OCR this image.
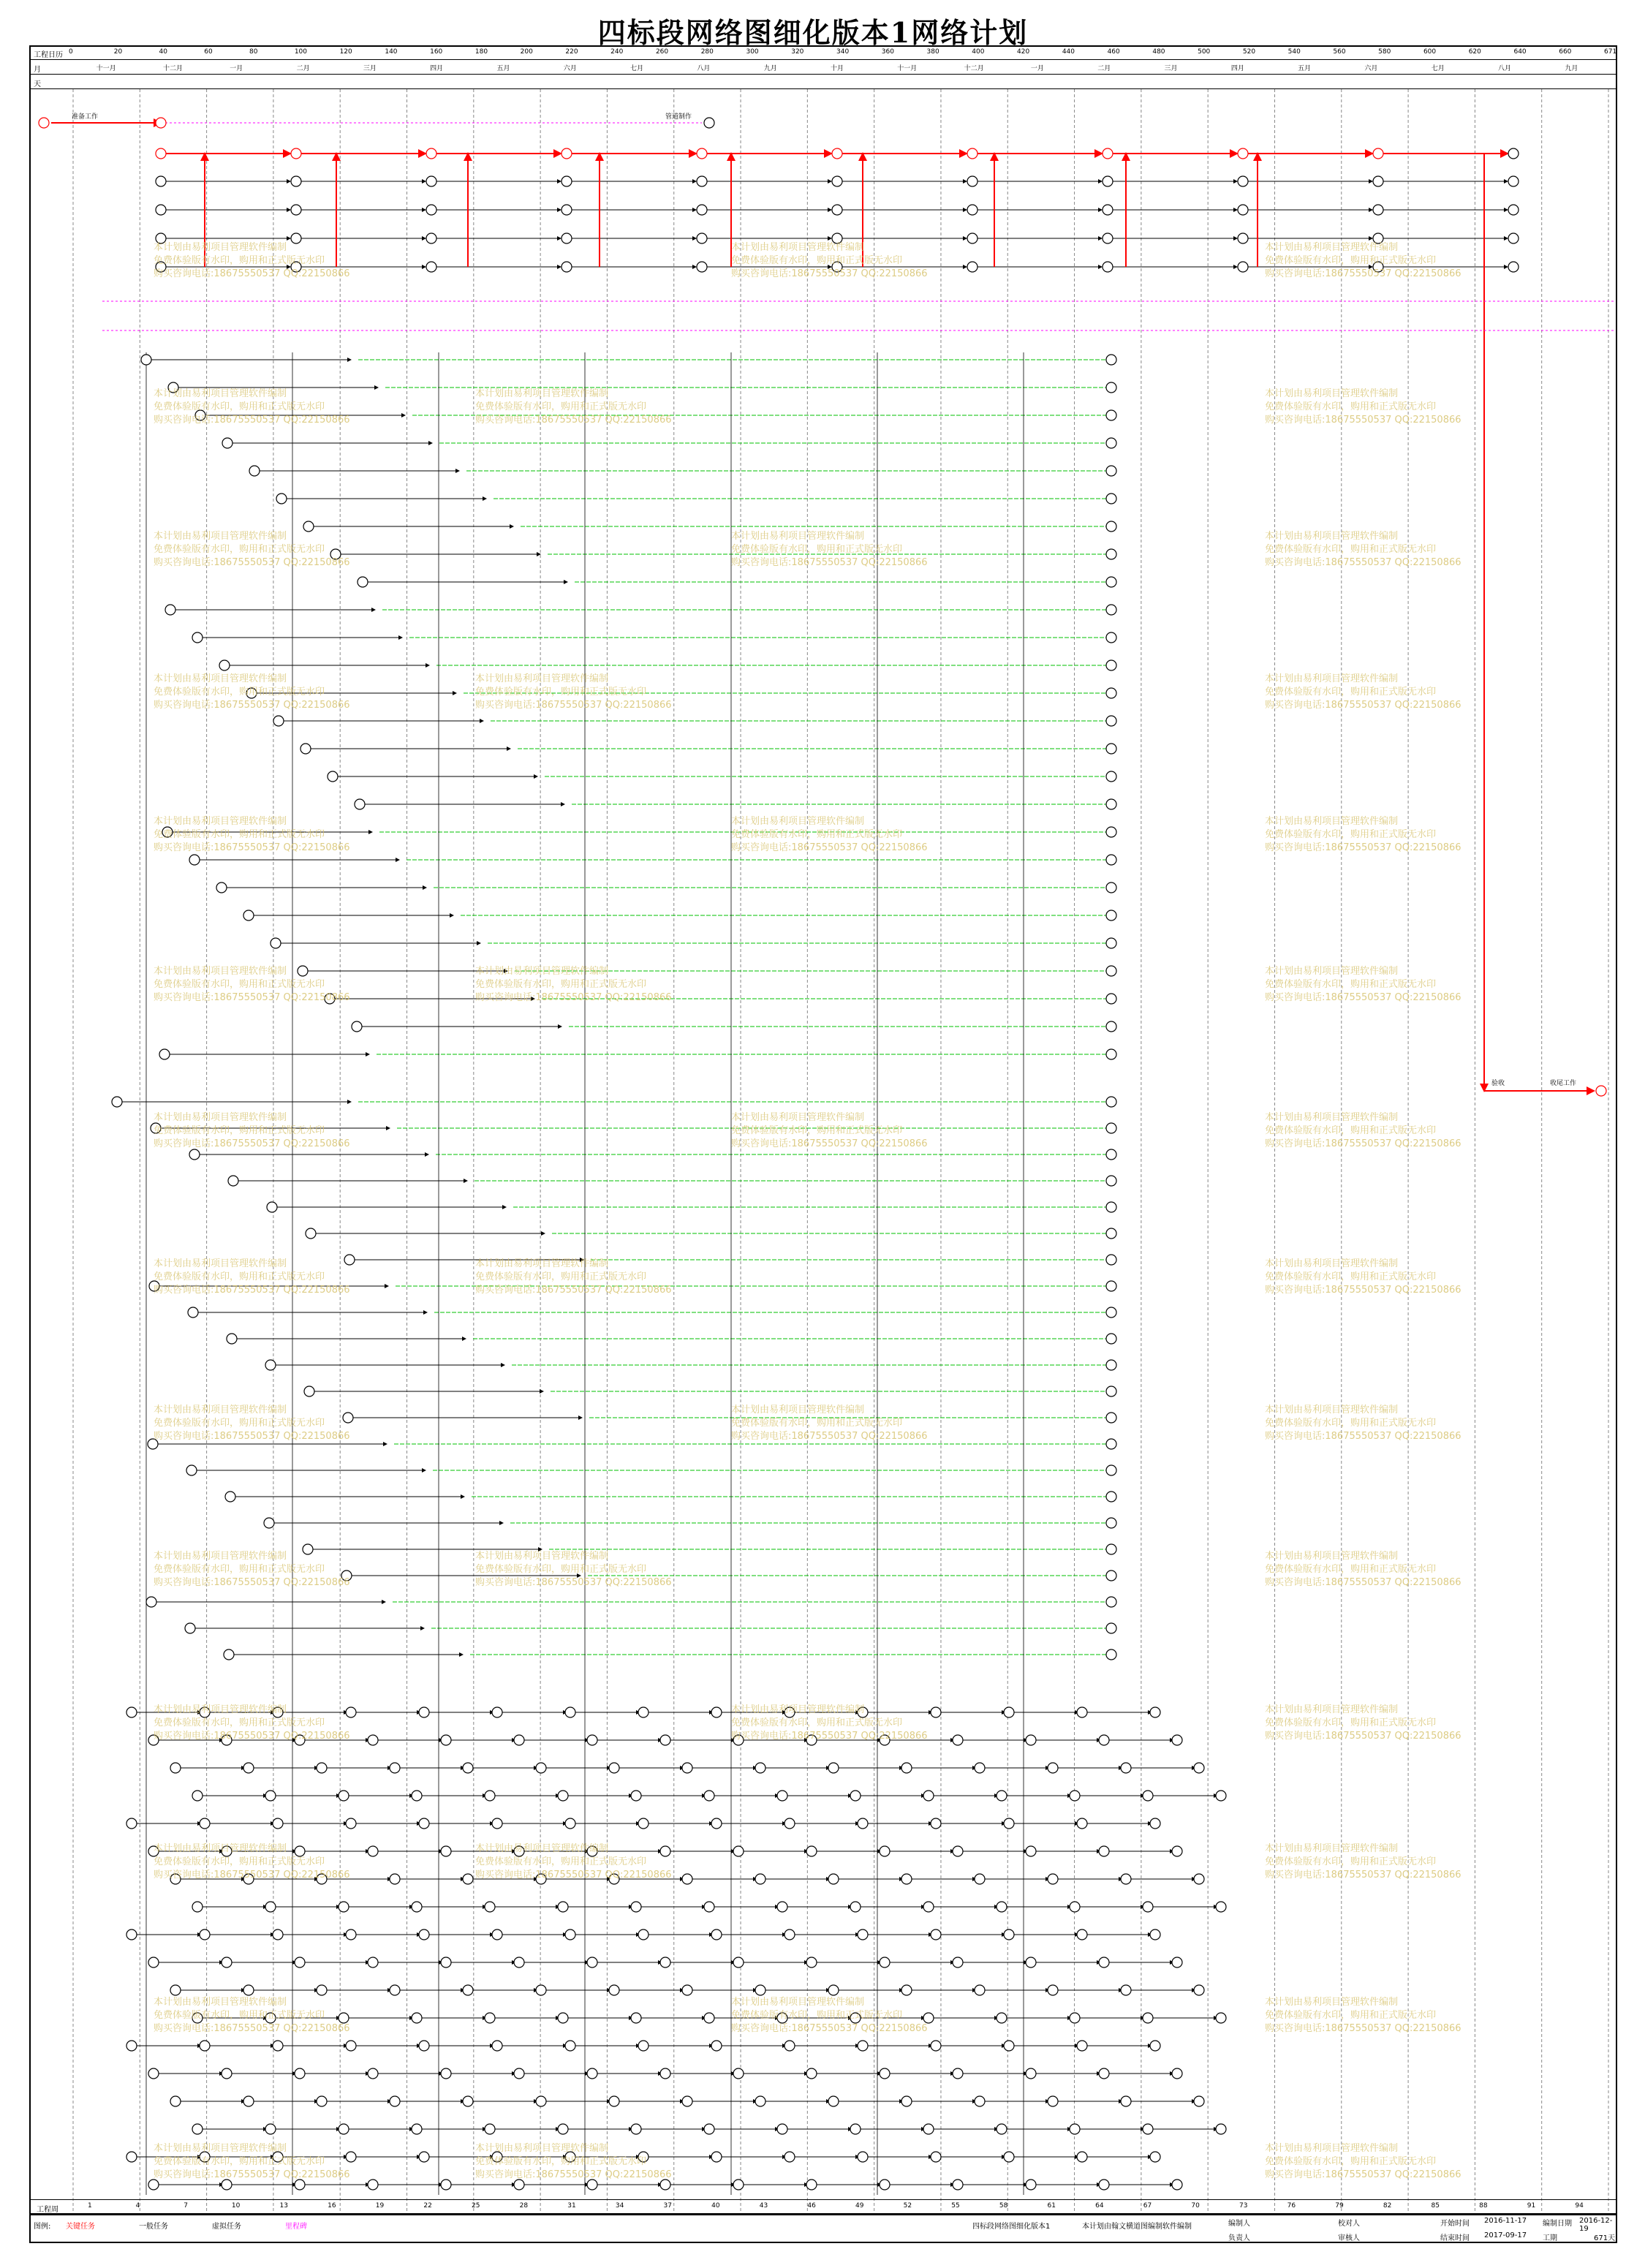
四标段网络图细化版本1网络计划
工程日历
月
天
0	20	40	60	80	100	120	140	160	180	200	220	240	260	280	300	320	340	360	380	400	420	440	460	480	500	520	540	560	580	600	620	640	660	671
十一月	十二月	一月	二月	三月	四月	五月	六月	七月	八月	九月	十月	十一月	十二月	一月	二月	三月	四月	五月	六月	七月	八月	九月
准备工作	管道制作
验收	收尾工作
本计划由易利项目管理软件编制
免费体验版有水印，购用和正式版无水印
购买咨询电话:18675550537 QQ:22150866
本计划由易利项目管理软件编制
免费体验版有水印，购用和正式版无水印
购买咨询电话:18675550537 QQ:22150866
本计划由易利项目管理软件编制
免费体验版有水印，购用和正式版无水印
购买咨询电话:18675550537 QQ:22150866
本计划由易利项目管理软件编制
免费体验版有水印，购用和正式版无水印
购买咨询电话:18675550537 QQ:22150866
本计划由易利项目管理软件编制
免费体验版有水印，购用和正式版无水印
购买咨询电话:18675550537 QQ:22150866
本计划由易利项目管理软件编制
免费体验版有水印，购用和正式版无水印
购买咨询电话:18675550537 QQ:22150866
本计划由易利项目管理软件编制
免费体验版有水印，购用和正式版无水印
购买咨询电话:18675550537 QQ:22150866
本计划由易利项目管理软件编制
免费体验版有水印，购用和正式版无水印
购买咨询电话:18675550537 QQ:22150866
本计划由易利项目管理软件编制
免费体验版有水印，购用和正式版无水印
购买咨询电话:18675550537 QQ:22150866
本计划由易利项目管理软件编制
免费体验版有水印，购用和正式版无水印
购买咨询电话:18675550537 QQ:22150866
本计划由易利项目管理软件编制
免费体验版有水印，购用和正式版无水印
购买咨询电话:18675550537 QQ:22150866
本计划由易利项目管理软件编制
免费体验版有水印，购用和正式版无水印
购买咨询电话:18675550537 QQ:22150866
本计划由易利项目管理软件编制
免费体验版有水印，购用和正式版无水印
购买咨询电话:18675550537 QQ:22150866
本计划由易利项目管理软件编制
免费体验版有水印，购用和正式版无水印
购买咨询电话:18675550537 QQ:22150866
本计划由易利项目管理软件编制
免费体验版有水印，购用和正式版无水印
购买咨询电话:18675550537 QQ:22150866
本计划由易利项目管理软件编制
免费体验版有水印，购用和正式版无水印
购买咨询电话:18675550537 QQ:22150866
本计划由易利项目管理软件编制
免费体验版有水印，购用和正式版无水印
购买咨询电话:18675550537 QQ:22150866
本计划由易利项目管理软件编制
免费体验版有水印，购用和正式版无水印
购买咨询电话:18675550537 QQ:22150866
本计划由易利项目管理软件编制
免费体验版有水印，购用和正式版无水印
购买咨询电话:18675550537 QQ:22150866
本计划由易利项目管理软件编制
免费体验版有水印，购用和正式版无水印
购买咨询电话:18675550537 QQ:22150866
本计划由易利项目管理软件编制
免费体验版有水印，购用和正式版无水印
购买咨询电话:18675550537 QQ:22150866
本计划由易利项目管理软件编制
免费体验版有水印，购用和正式版无水印
购买咨询电话:18675550537 QQ:22150866
本计划由易利项目管理软件编制
免费体验版有水印，购用和正式版无水印
购买咨询电话:18675550537 QQ:22150866
本计划由易利项目管理软件编制
免费体验版有水印，购用和正式版无水印
购买咨询电话:18675550537 QQ:22150866
本计划由易利项目管理软件编制
免费体验版有水印，购用和正式版无水印
购买咨询电话:18675550537 QQ:22150866
本计划由易利项目管理软件编制
免费体验版有水印，购用和正式版无水印
购买咨询电话:18675550537 QQ:22150866
本计划由易利项目管理软件编制
免费体验版有水印，购用和正式版无水印
购买咨询电话:18675550537 QQ:22150866
本计划由易利项目管理软件编制
免费体验版有水印，购用和正式版无水印
购买咨询电话:18675550537 QQ:22150866
本计划由易利项目管理软件编制
免费体验版有水印，购用和正式版无水印
购买咨询电话:18675550537 QQ:22150866
本计划由易利项目管理软件编制
免费体验版有水印，购用和正式版无水印
购买咨询电话:18675550537 QQ:22150866
本计划由易利项目管理软件编制
免费体验版有水印，购用和正式版无水印
购买咨询电话:18675550537 QQ:22150866
本计划由易利项目管理软件编制
免费体验版有水印，购用和正式版无水印
购买咨询电话:18675550537 QQ:22150866
本计划由易利项目管理软件编制
免费体验版有水印，购用和正式版无水印
购买咨询电话:18675550537 QQ:22150866
本计划由易利项目管理软件编制
免费体验版有水印，购用和正式版无水印
购买咨询电话:18675550537 QQ:22150866
本计划由易利项目管理软件编制
免费体验版有水印，购用和正式版无水印
购买咨询电话:18675550537 QQ:22150866
本计划由易利项目管理软件编制
免费体验版有水印，购用和正式版无水印
购买咨询电话:18675550537 QQ:22150866
本计划由易利项目管理软件编制
免费体验版有水印，购用和正式版无水印
购买咨询电话:18675550537 QQ:22150866
本计划由易利项目管理软件编制
免费体验版有水印，购用和正式版无水印
购买咨询电话:18675550537 QQ:22150866
本计划由易利项目管理软件编制
免费体验版有水印，购用和正式版无水印
购买咨询电话:18675550537 QQ:22150866
本计划由易利项目管理软件编制
免费体验版有水印，购用和正式版无水印
购买咨询电话:18675550537 QQ:22150866
本计划由易利项目管理软件编制
免费体验版有水印，购用和正式版无水印
购买咨询电话:18675550537 QQ:22150866
本计划由易利项目管理软件编制
免费体验版有水印，购用和正式版无水印
购买咨询电话:18675550537 QQ:22150866
工程周	1	4	7	10	13	16	19	22	25	28	31	34	37	40	43	46	49	52	55	58	61	64	67	70	73	76	79	82	85	88	91	94
图例: 关键任务	一般任务	虚拟任务	里程碑	四标段网络图细化版本1	本计划由翰文横道图编制软件编制	编制人
负责人
校对人
审核人
开始时间 2016-11-17
结束时间 2017-09-17
编制日期 2016-12-19
工期	671天
